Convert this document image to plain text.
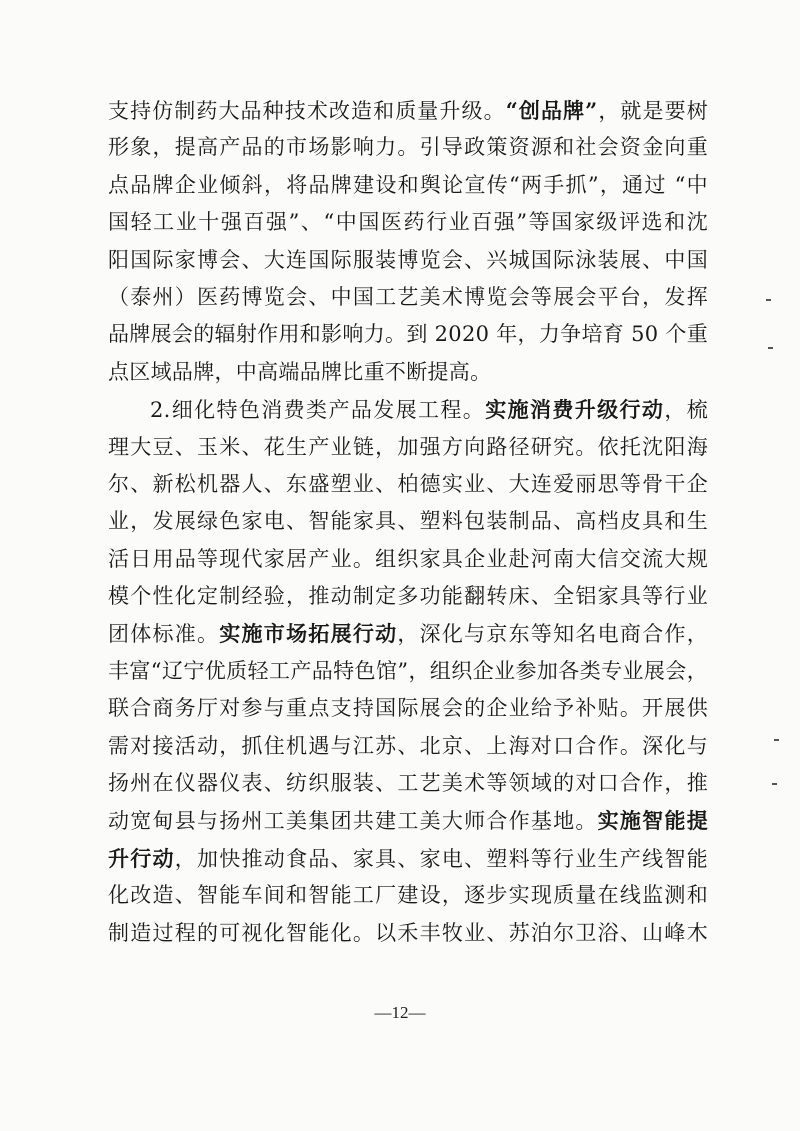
支持仿制药大品种技术改造和质量升级。“创品牌”，就是要树
形象，提高产品的市场影响力。引导政策资源和社会资金向重
点品牌企业倾斜，将品牌建设和舆论宣传“两手抓”，通过 “中
国轻工业十强百强”、“中国医药行业百强”等国家级评选和沈
阳国际家博会、大连国际服装博览会、兴城国际泳装展、中国
（泰州）医药博览会、中国工艺美术博览会等展会平台，发挥
品牌展会的辐射作用和影响力。到 2020 年，力争培育 50 个重
点区域品牌，中高端品牌比重不断提高。
2.细化特色消费类产品发展工程。实施消费升级行动，梳
理大豆、玉米、花生产业链，加强方向路径研究。依托沈阳海
尔、新松机器人、东盛塑业、柏德实业、大连爱丽思等骨干企
业，发展绿色家电、智能家具、塑料包装制品、高档皮具和生
活日用品等现代家居产业。组织家具企业赴河南大信交流大规
模个性化定制经验，推动制定多功能翻转床、全铝家具等行业
团体标准。实施市场拓展行动，深化与京东等知名电商合作，
丰富“辽宁优质轻工产品特色馆”，组织企业参加各类专业展会，
联合商务厅对参与重点支持国际展会的企业给予补贴。开展供
需对接活动，抓住机遇与江苏、北京、上海对口合作。深化与
扬州在仪器仪表、纺织服装、工艺美术等领域的对口合作，推
动宽甸县与扬州工美集团共建工美大师合作基地。实施智能提
升行动，加快推动食品、家具、家电、塑料等行业生产线智能
化改造、智能车间和智能工厂建设，逐步实现质量在线监测和
制造过程的可视化智能化。以禾丰牧业、苏泊尔卫浴、山峰木
—12—
